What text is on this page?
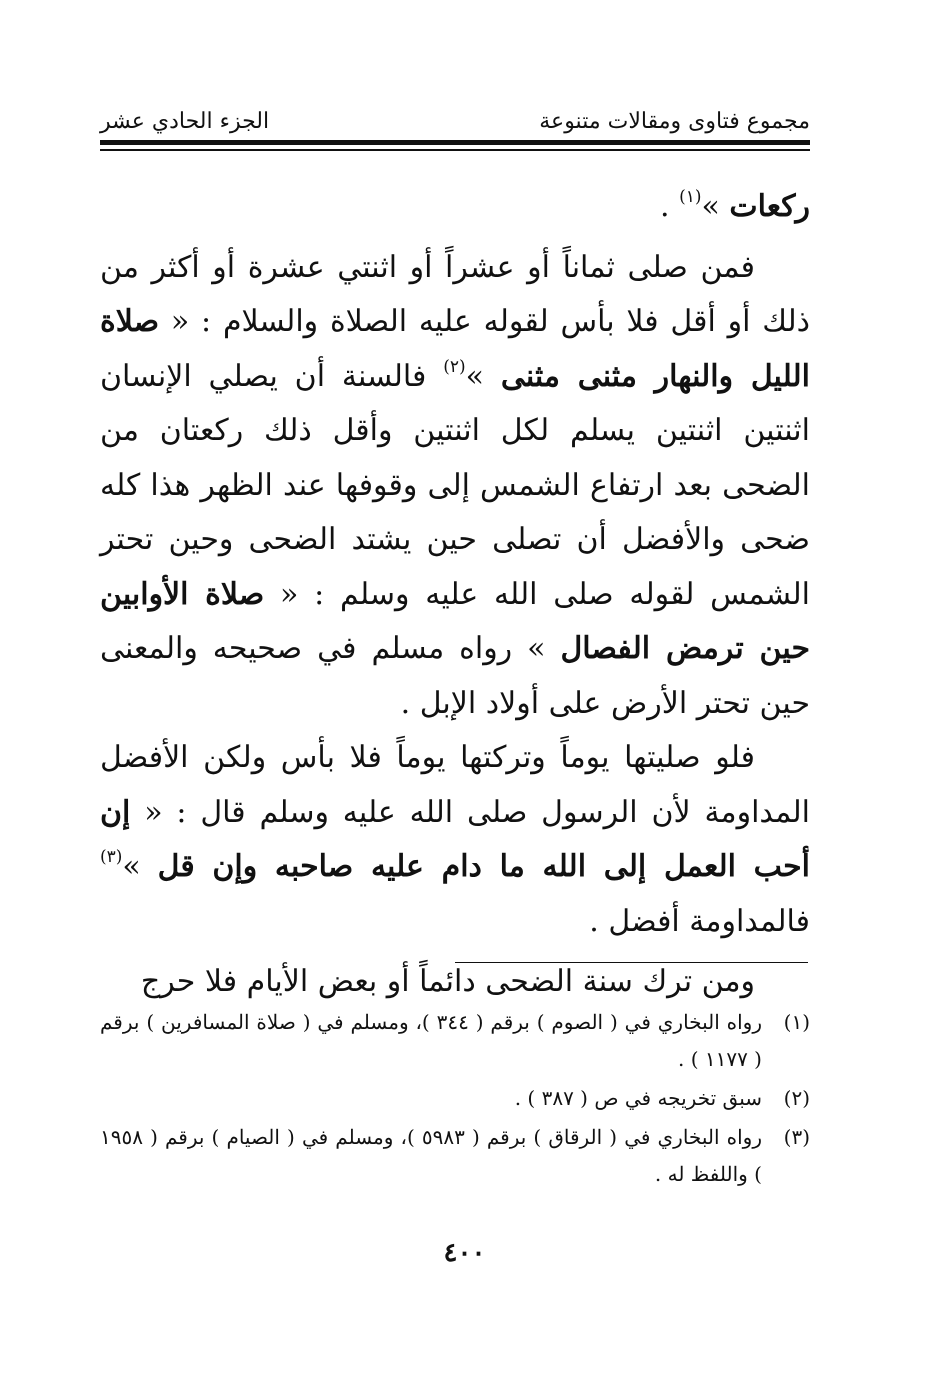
مجموع فتاوى ومقالات متنوعة
الجزء الحادي عشر

ركعات »$^{(١)}$ .

فمن صلى ثماناً أو عشراً أو اثنتي عشرة أو أكثر من ذلك أو أقل فلا بأس لقوله عليه الصلاة والسلام : « صلاة الليل والنهار مثنى مثنى »$^{(٢)}$ فالسنة أن يصلي الإنسان اثنتين اثنتين يسلم لكل اثنتين وأقل ذلك ركعتان من الضحى بعد ارتفاع الشمس إلى وقوفها عند الظهر هذا كله ضحى والأفضل أن تصلى حين يشتد الضحى وحين تحتر الشمس لقوله صلى الله عليه وسلم : « صلاة الأوابين حين ترمض الفصال » رواه مسلم في صحيحه والمعنى حين تحتر الأرض على أولاد الإبل .

فلو صليتها يوماً وتركتها يوماً فلا بأس ولكن الأفضل المداومة لأن الرسول صلى الله عليه وسلم قال : « إن أحب العمل إلى الله ما دام عليه صاحبه وإن قل »$^{(٣)}$ فالمداومة أفضل .

ومن ترك سنة الضحى دائماً أو بعض الأيام فلا حرج

(١)
رواه البخاري في ( الصوم ) برقم ( ٣٤٤ )، ومسلم في ( صلاة المسافرين ) برقم ( ١١٧٧ ) .
(٢)
سبق تخريجه في ص ( ٣٨٧ ) .
(٣)
رواه البخاري في ( الرقاق ) برقم ( ٥٩٨٣ )، ومسلم في ( الصيام ) برقم ( ١٩٥٨ ) واللفظ له .
٤٠٠
